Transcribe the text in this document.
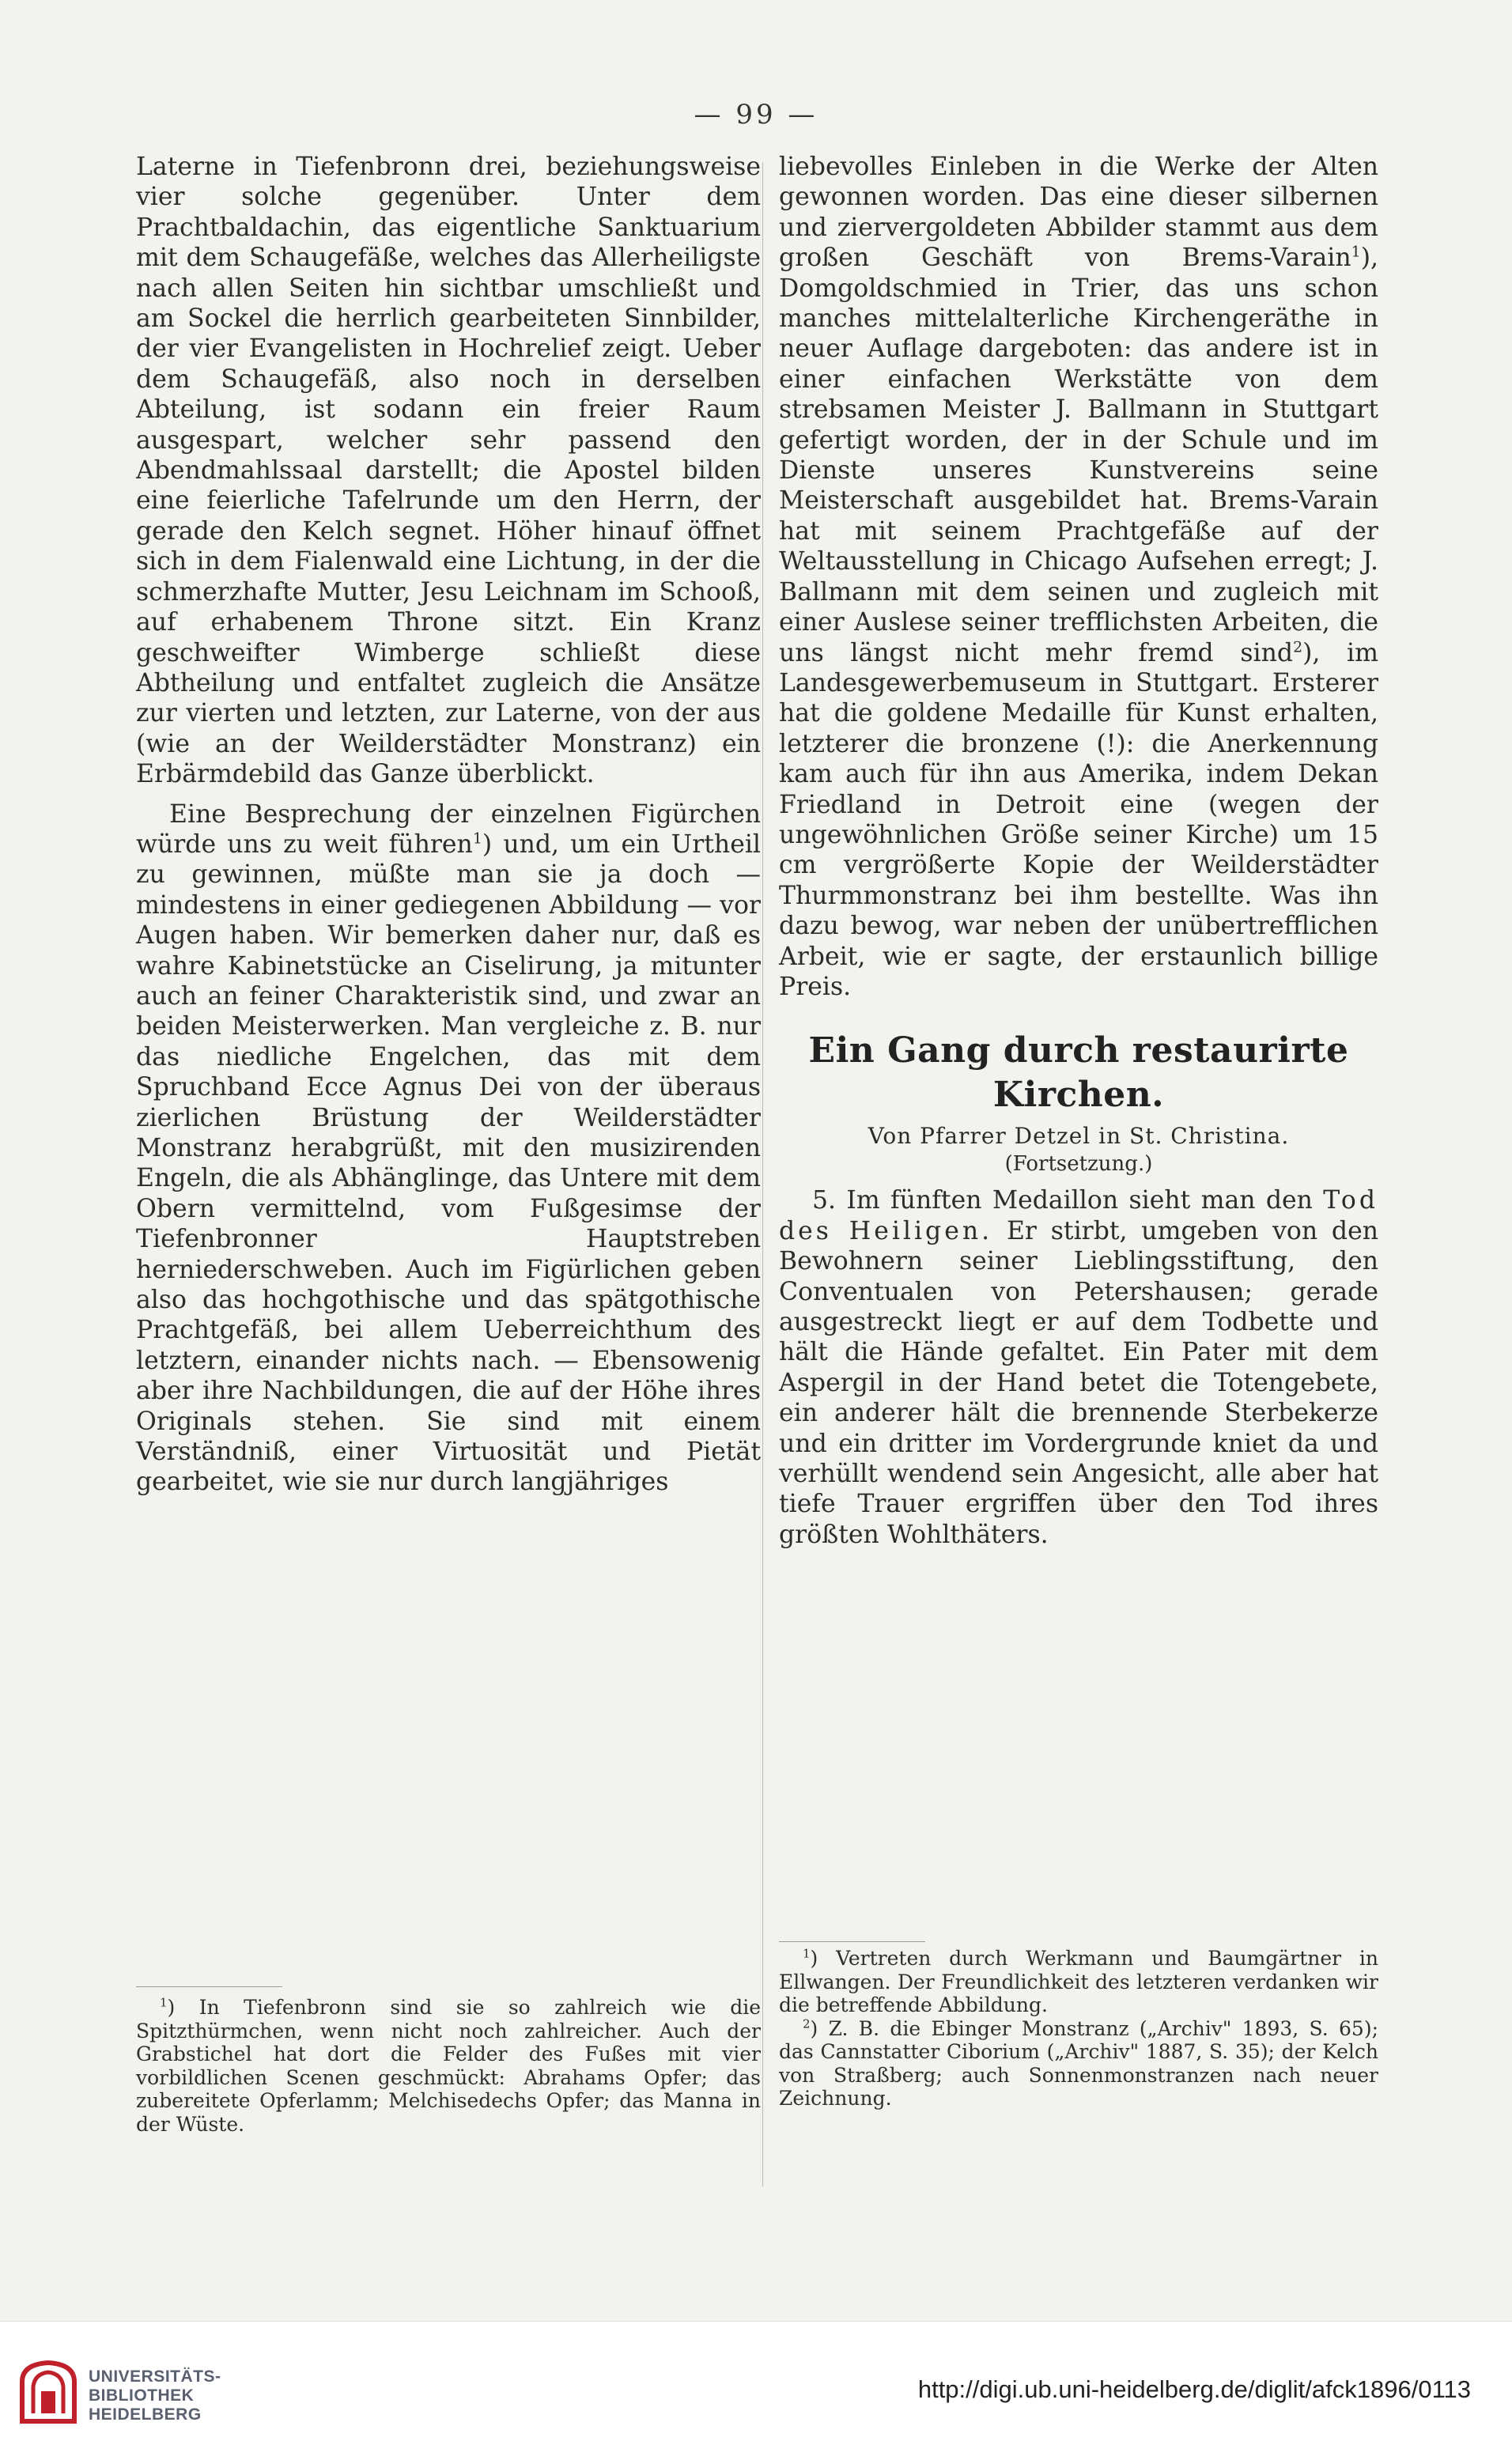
— 99 —

Laterne in Tiefenbronn drei, beziehungsweise vier solche gegenüber. Unter dem Prachtbaldachin, das eigentliche Sanktuarium mit dem Schaugefäße, welches das Allerheiligste nach allen Seiten hin sichtbar umschließt und am Sockel die herrlich gearbeiteten Sinnbilder, der vier Evangelisten in Hochrelief zeigt. Ueber dem Schaugefäß, also noch in derselben Abteilung, ist sodann ein freier Raum ausgespart, welcher sehr passend den Abendmahlssaal darstellt; die Apostel bilden eine feierliche Tafelrunde um den Herrn, der gerade den Kelch segnet. Höher hinauf öffnet sich in dem Fialenwald eine Lichtung, in der die schmerzhafte Mutter, Jesu Leichnam im Schooß, auf erhabenem Throne sitzt. Ein Kranz geschweifter Wimberge schließt diese Abtheilung und entfaltet zugleich die Ansätze zur vierten und letzten, zur Laterne, von der aus (wie an der Weilderstädter Monstranz) ein Erbärmdebild das Ganze überblickt.

Eine Besprechung der einzelnen Figürchen würde uns zu weit führen$^1$) und, um ein Urtheil zu gewinnen, müßte man sie ja doch — mindestens in einer gediegenen Abbildung — vor Augen haben. Wir bemerken daher nur, daß es wahre Kabinetstücke an Ciselirung, ja mitunter auch an feiner Charakteristik sind, und zwar an beiden Meisterwerken. Man vergleiche z. B. nur das niedliche Engelchen, das mit dem Spruchband Ecce Agnus Dei von der überaus zierlichen Brüstung der Weilderstädter Monstranz herabgrüßt, mit den musizirenden Engeln, die als Abhänglinge, das Untere mit dem Obern vermittelnd, vom Fußgesimse der Tiefenbronner Hauptstreben herniederschweben. Auch im Figürlichen geben also das hochgothische und das spätgothische Prachtgefäß, bei allem Ueberreichthum des letztern, einander nichts nach. — Ebensowenig aber ihre Nachbildungen, die auf der Höhe ihres Originals stehen. Sie sind mit einem Verständniß, einer Virtuosität und Pietät gearbeitet, wie sie nur durch langjähriges

liebevolles Einleben in die Werke der Alten gewonnen worden. Das eine dieser silbernen und ziervergoldeten Abbilder stammt aus dem großen Geschäft von Brems-Varain$^1$), Domgoldschmied in Trier, das uns schon manches mittelalterliche Kirchengeräthe in neuer Auflage dargeboten: das andere ist in einer einfachen Werkstätte von dem strebsamen Meister J. Ballmann in Stuttgart gefertigt worden, der in der Schule und im Dienste unseres Kunstvereins seine Meisterschaft ausgebildet hat. Brems-Varain hat mit seinem Prachtgefäße auf der Weltausstellung in Chicago Aufsehen erregt; J. Ballmann mit dem seinen und zugleich mit einer Auslese seiner trefflichsten Arbeiten, die uns längst nicht mehr fremd sind$^2$), im Landesgewerbemuseum in Stuttgart. Ersterer hat die goldene Medaille für Kunst erhalten, letzterer die bronzene (!): die Anerkennung kam auch für ihn aus Amerika, indem Dekan Friedland in Detroit eine (wegen der ungewöhnlichen Größe seiner Kirche) um 15 cm vergrößerte Kopie der Weilderstädter Thurmmonstranz bei ihm bestellte. Was ihn dazu bewog, war neben der unübertrefflichen Arbeit, wie er sagte, der erstaunlich billige Preis.

Ein Gang durch restaurirte Kirchen.
Von Pfarrer Detzel in St. Christina.
(Fortsetzung.)

5. Im fünften Medaillon sieht man den Tod des Heiligen. Er stirbt, umgeben von den Bewohnern seiner Lieblingsstiftung, den Conventualen von Petershausen; gerade ausgestreckt liegt er auf dem Todbette und hält die Hände gefaltet. Ein Pater mit dem Aspergil in der Hand betet die Totengebete, ein anderer hält die brennende Sterbekerze und ein dritter im Vordergrunde kniet da und verhüllt wendend sein Angesicht, alle aber hat tiefe Trauer ergriffen über den Tod ihres größten Wohlthäters.

$^1$) In Tiefenbronn sind sie so zahlreich wie die Spitzthürmchen, wenn nicht noch zahlreicher. Auch der Grabstichel hat dort die Felder des Fußes mit vier vorbildlichen Scenen geschmückt: Abrahams Opfer; das zubereitete Opferlamm; Melchisedechs Opfer; das Manna in der Wüste.

$^1$) Vertreten durch Werkmann und Baumgärtner in Ellwangen. Der Freundlichkeit des letzteren verdanken wir die betreffende Abbildung.

$^2$) Z. B. die Ebinger Monstranz („Archiv" 1893, S. 65); das Cannstatter Ciborium („Archiv" 1887, S. 35); der Kelch von Straßberg; auch Sonnenmonstranzen nach neuer Zeichnung.

UNIVERSITÄTS-
BIBLIOTHEK
HEIDELBERG
http://digi.ub.uni-heidelberg.de/diglit/afck1896/0113
